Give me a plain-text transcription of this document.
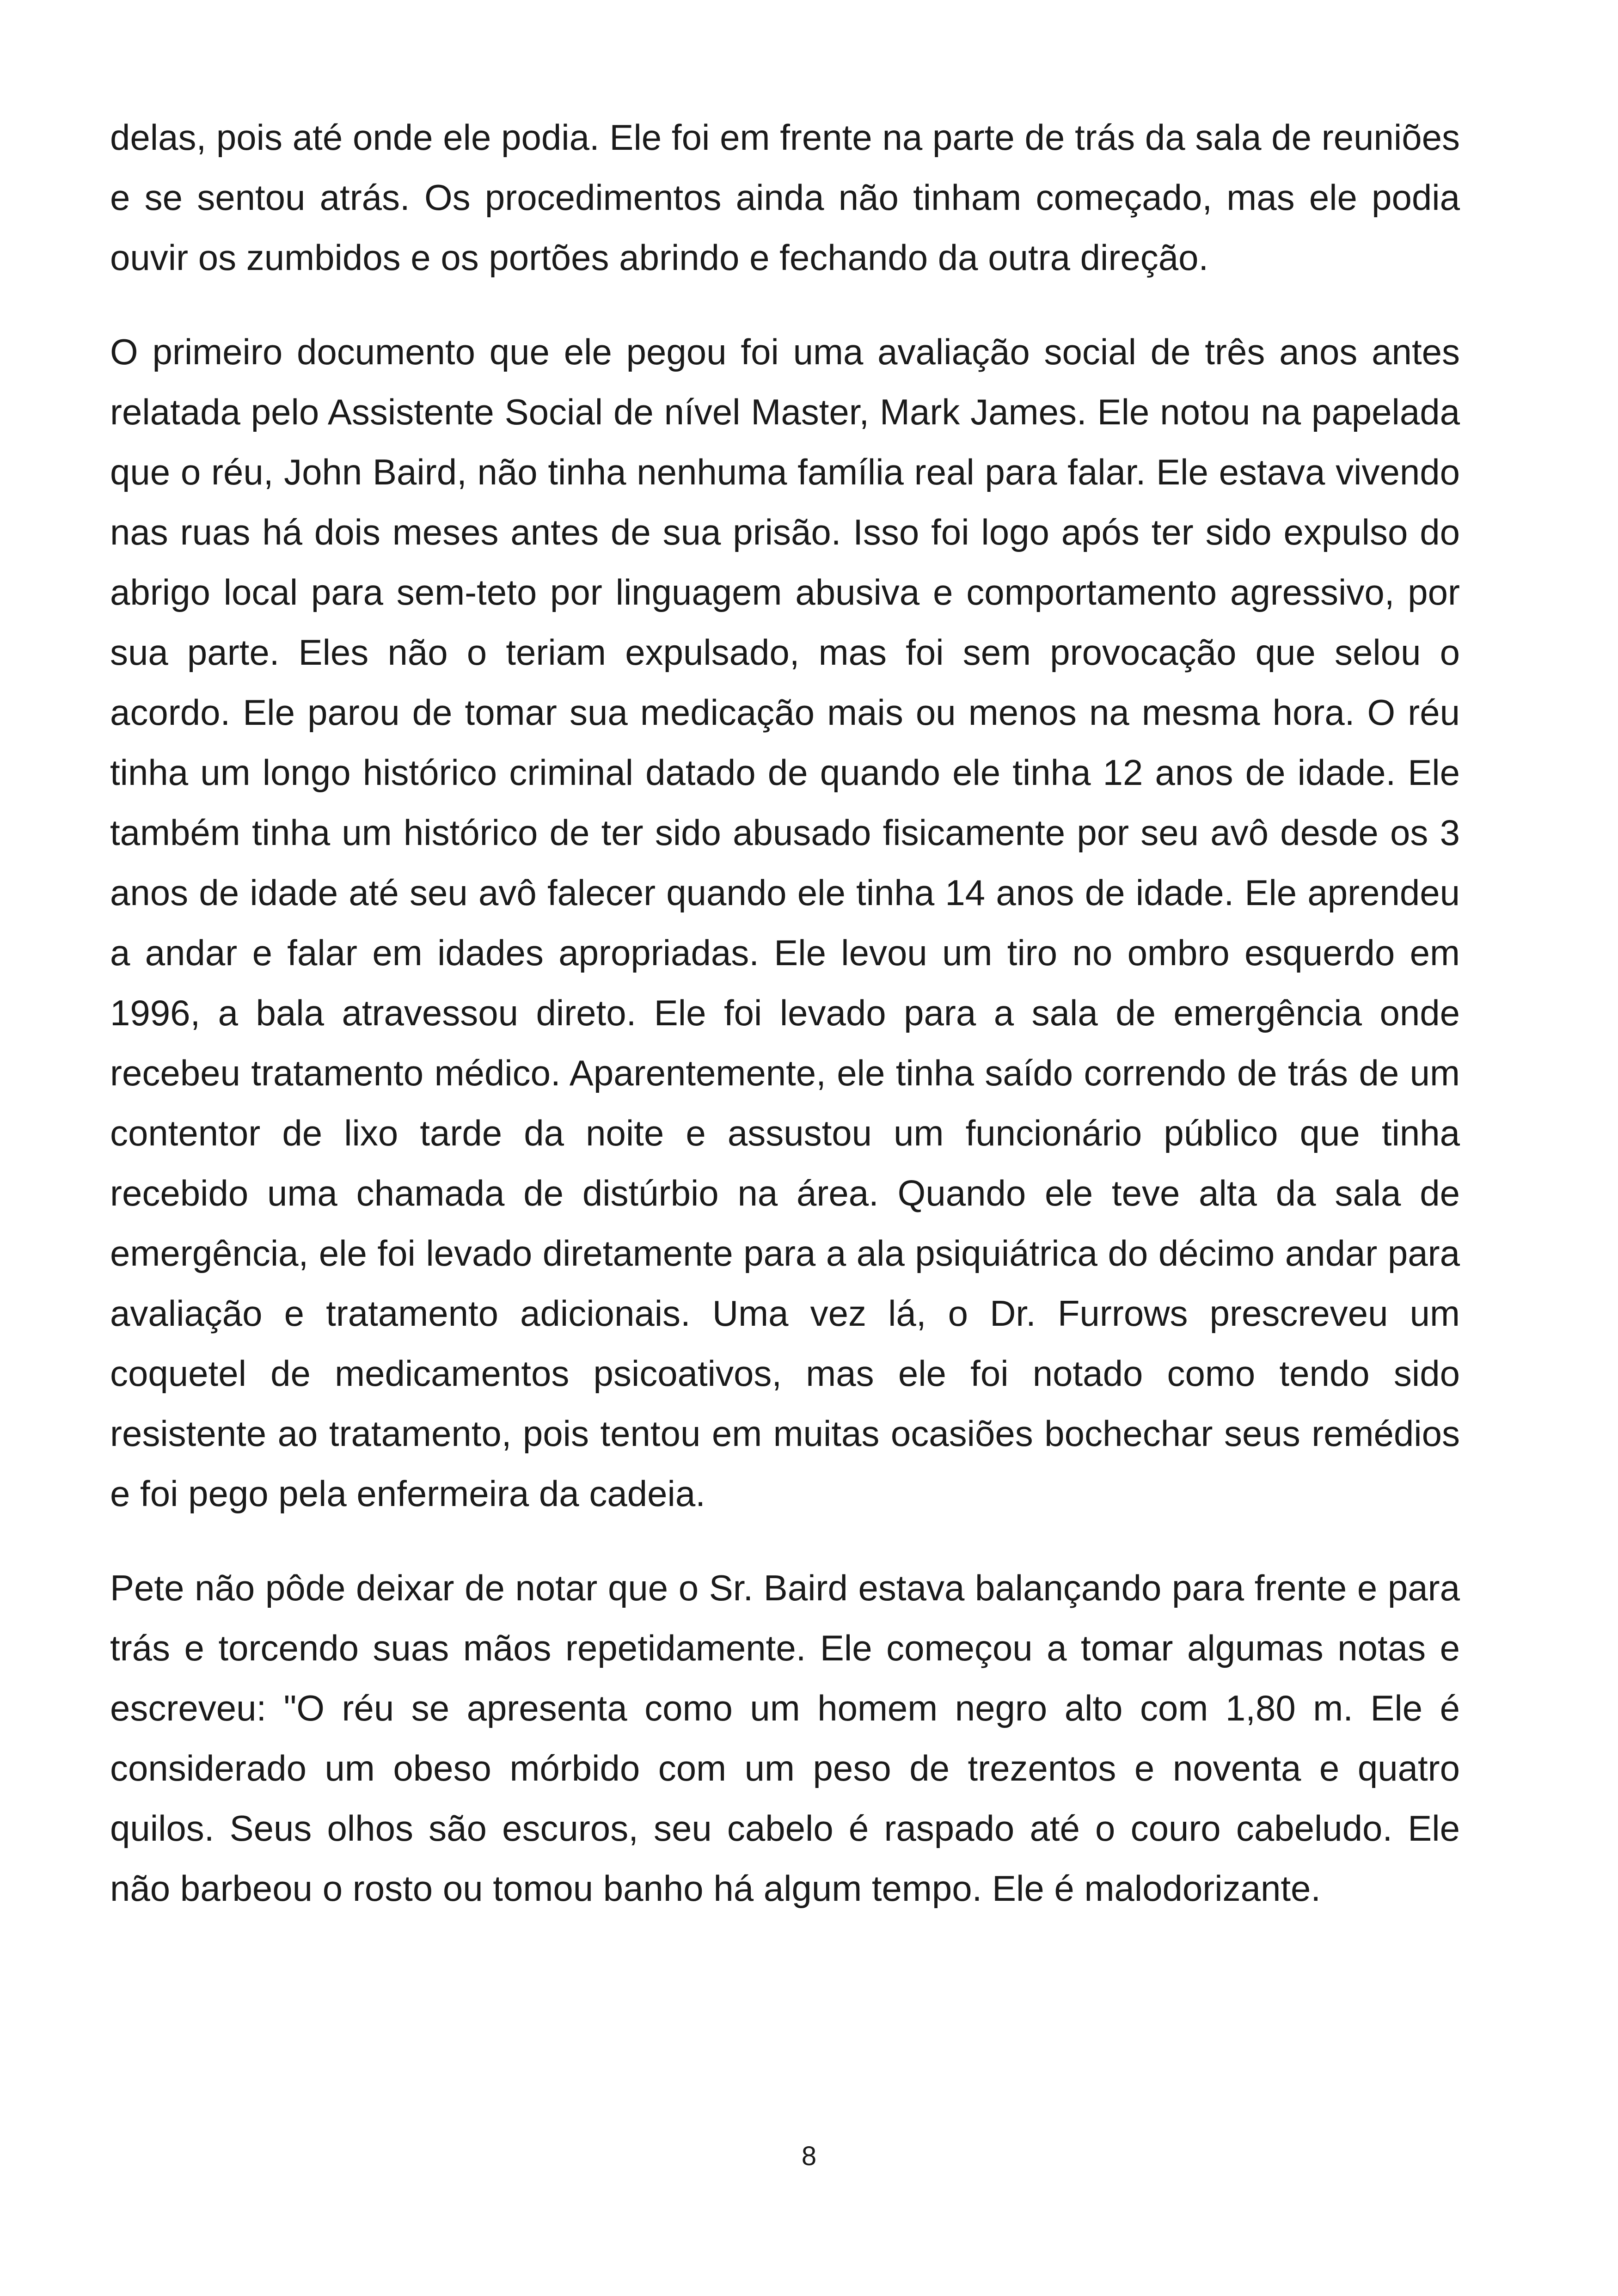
delas, pois até onde ele podia. Ele foi em frente na parte de trás da sala de reuniões e se sentou atrás. Os procedimentos ainda não tinham começado, mas ele podia ouvir os zumbidos e os portões abrindo e fechando da outra direção.

O primeiro documento que ele pegou foi uma avaliação social de três anos antes relatada pelo Assistente Social de nível Master, Mark James. Ele notou na papelada que o réu, John Baird, não tinha nenhuma família real para falar. Ele estava vivendo nas ruas há dois meses antes de sua prisão. Isso foi logo após ter sido expulso do abrigo local para sem-teto por linguagem abusiva e comportamento agressivo, por sua parte. Eles não o teriam expulsado, mas foi sem provocação que selou o acordo. Ele parou de tomar sua medicação mais ou menos na mesma hora. O réu tinha um longo histórico criminal datado de quando ele tinha 12 anos de idade. Ele também tinha um histórico de ter sido abusado fisicamente por seu avô desde os 3 anos de idade até seu avô falecer quando ele tinha 14 anos de idade. Ele aprendeu a andar e falar em idades apropriadas. Ele levou um tiro no ombro esquerdo em 1996, a bala atravessou direto. Ele foi levado para a sala de emergência onde recebeu tratamento médico. Aparentemente, ele tinha saído correndo de trás de um contentor de lixo tarde da noite e assustou um funcionário público que tinha recebido uma chamada de distúrbio na área. Quando ele teve alta da sala de emergência, ele foi levado diretamente para a ala psiquiátrica do décimo andar para avaliação e tratamento adicionais. Uma vez lá, o Dr. Furrows prescreveu um coquetel de medicamentos psicoativos, mas ele foi notado como tendo sido resistente ao tratamento, pois tentou em muitas ocasiões bochechar seus remédios e foi pego pela enfermeira da cadeia.

Pete não pôde deixar de notar que o Sr. Baird estava balançando para frente e para trás e torcendo suas mãos repetidamente. Ele começou a tomar algumas notas e escreveu: "O réu se apresenta como um homem negro alto com 1,80 m. Ele é considerado um obeso mórbido com um peso de trezentos e noventa e quatro quilos. Seus olhos são escuros, seu cabelo é raspado até o couro cabeludo. Ele não barbeou o rosto ou tomou banho há algum tempo. Ele é malodorizante.

8
